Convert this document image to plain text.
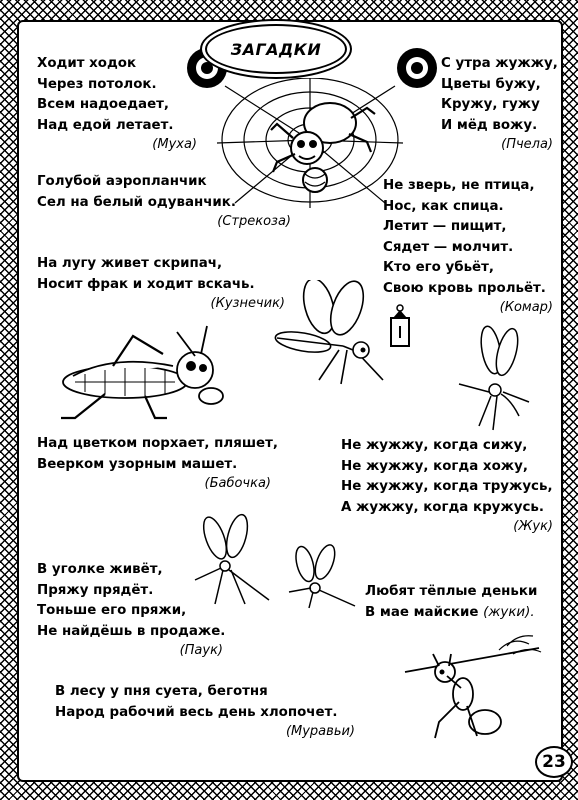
ЗАГАДКИ
Ходит ходок
Через потолок.
Всем надоедает,
Над едой летает.
(Муха)
С утра жужжу,
Цветы бужу,
Кружу, гужу
И мёд вожу.
(Пчела)
Голубой аэропланчик
Сел на белый одуванчик.
(Стрекоза)
Не зверь, не птица,
Нос, как спица.
Летит — пищит,
Сядет — молчит.
Кто его убьёт,
Свою кровь прольёт.
(Комар)
На лугу живет скрипач,
Носит фрак и ходит вскачь.
(Кузнечик)
Над цветком порхает, пляшет,
Веерком узорным машет.
(Бабочка)
Не жужжу, когда сижу,
Не жужжу, когда хожу,
Не жужжу, когда тружусь,
А жужжу, когда кружусь.
(Жук)
В уголке живёт,
Пряжу прядёт.
Тоньше его пряжи,
Не найдёшь в продаже.
(Паук)
Любят тёплые деньки
В мае майские (жуки).
В лесу у пня суета, беготня
Народ рабочий весь день хлопочет.
(Муравьи)
23
